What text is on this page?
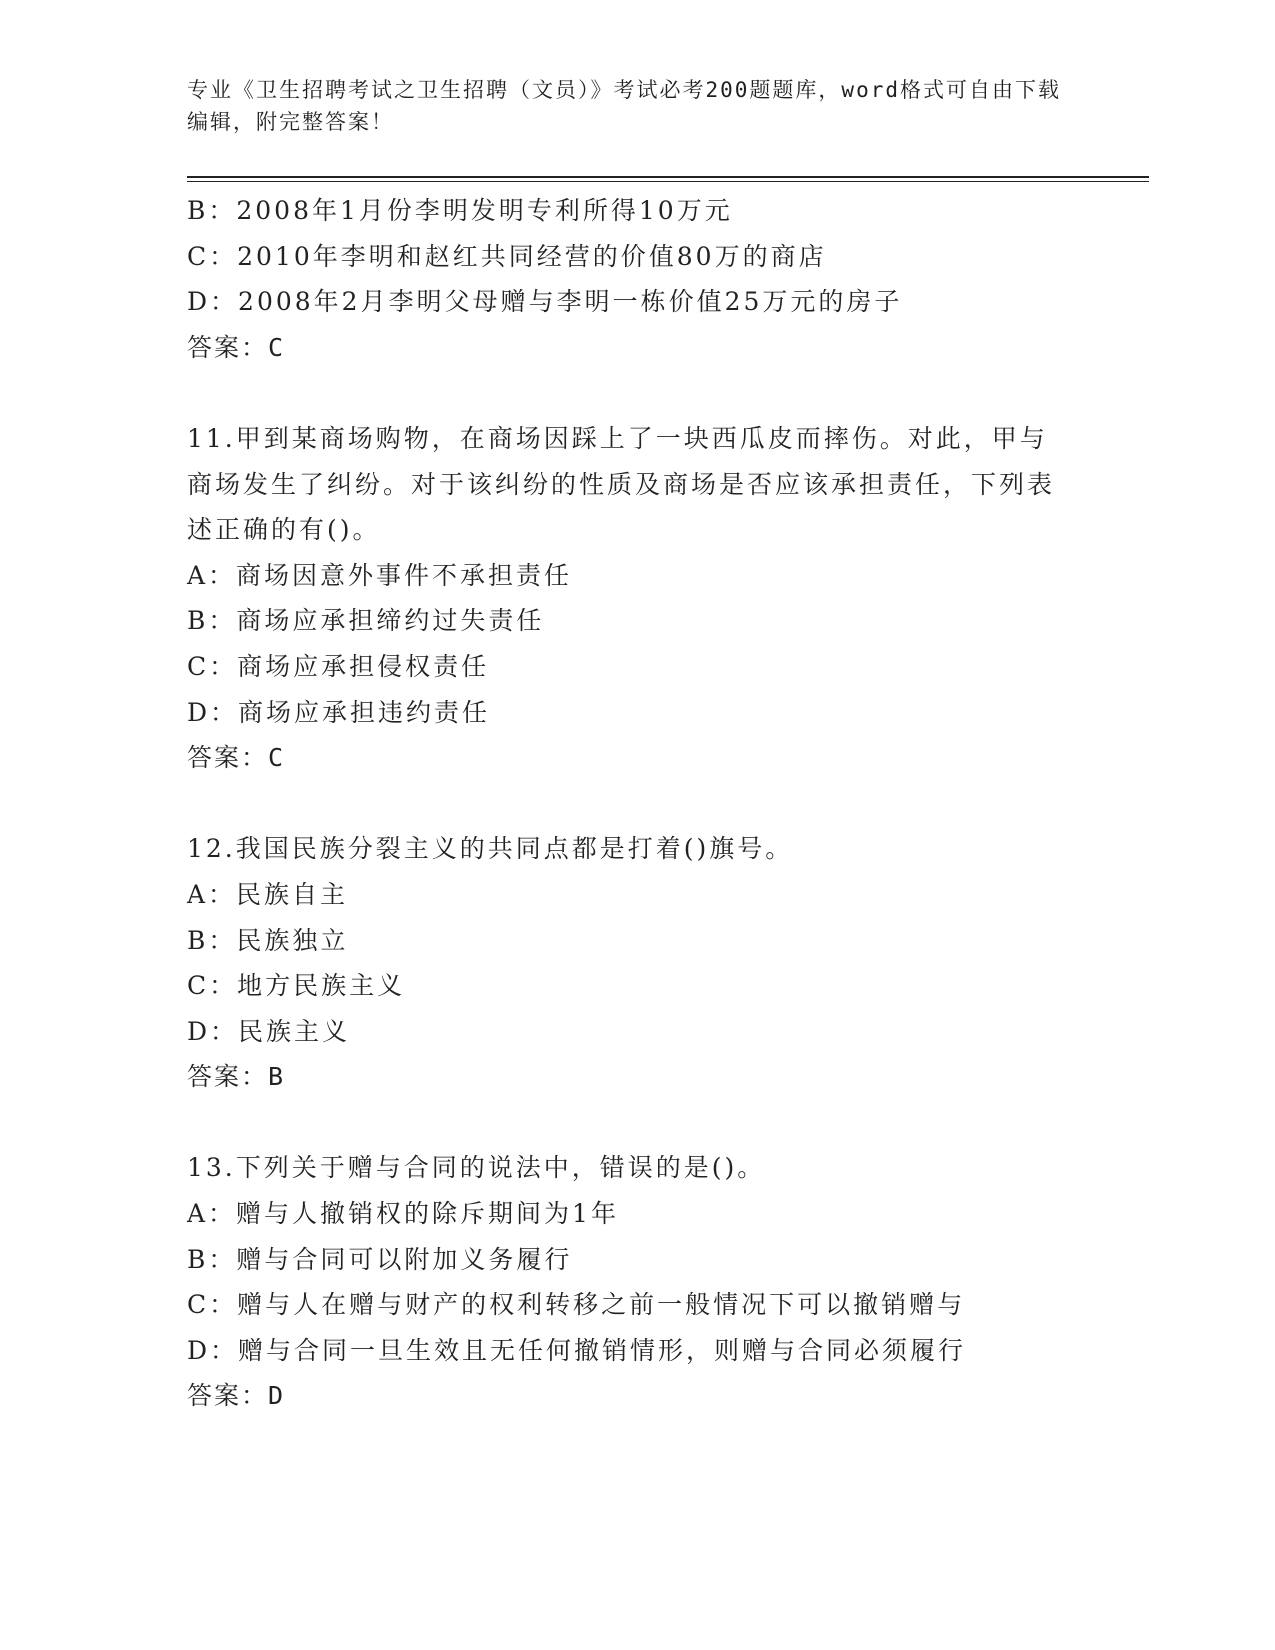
专业《卫生招聘考试之卫生招聘（文员）》考试必考200题题库，word格式可自由下载编辑，附完整答案！
B：2008年1月份李明发明专利所得10万元
C：2010年李明和赵红共同经营的价值80万的商店
D：2008年2月李明父母赠与李明一栋价值25万元的房子
答案：C
11.甲到某商场购物，在商场因踩上了一块西瓜皮而摔伤。对此，甲与商场发生了纠纷。对于该纠纷的性质及商场是否应该承担责任，下列表述正确的有()。
A：商场因意外事件不承担责任
B：商场应承担缔约过失责任
C：商场应承担侵权责任
D：商场应承担违约责任
答案：C
12.我国民族分裂主义的共同点都是打着()旗号。
A：民族自主
B：民族独立
C：地方民族主义
D：民族主义
答案：B
13.下列关于赠与合同的说法中，错误的是()。
A：赠与人撤销权的除斥期间为1年
B：赠与合同可以附加义务履行
C：赠与人在赠与财产的权利转移之前一般情况下可以撤销赠与
D：赠与合同一旦生效且无任何撤销情形，则赠与合同必须履行
答案：D
